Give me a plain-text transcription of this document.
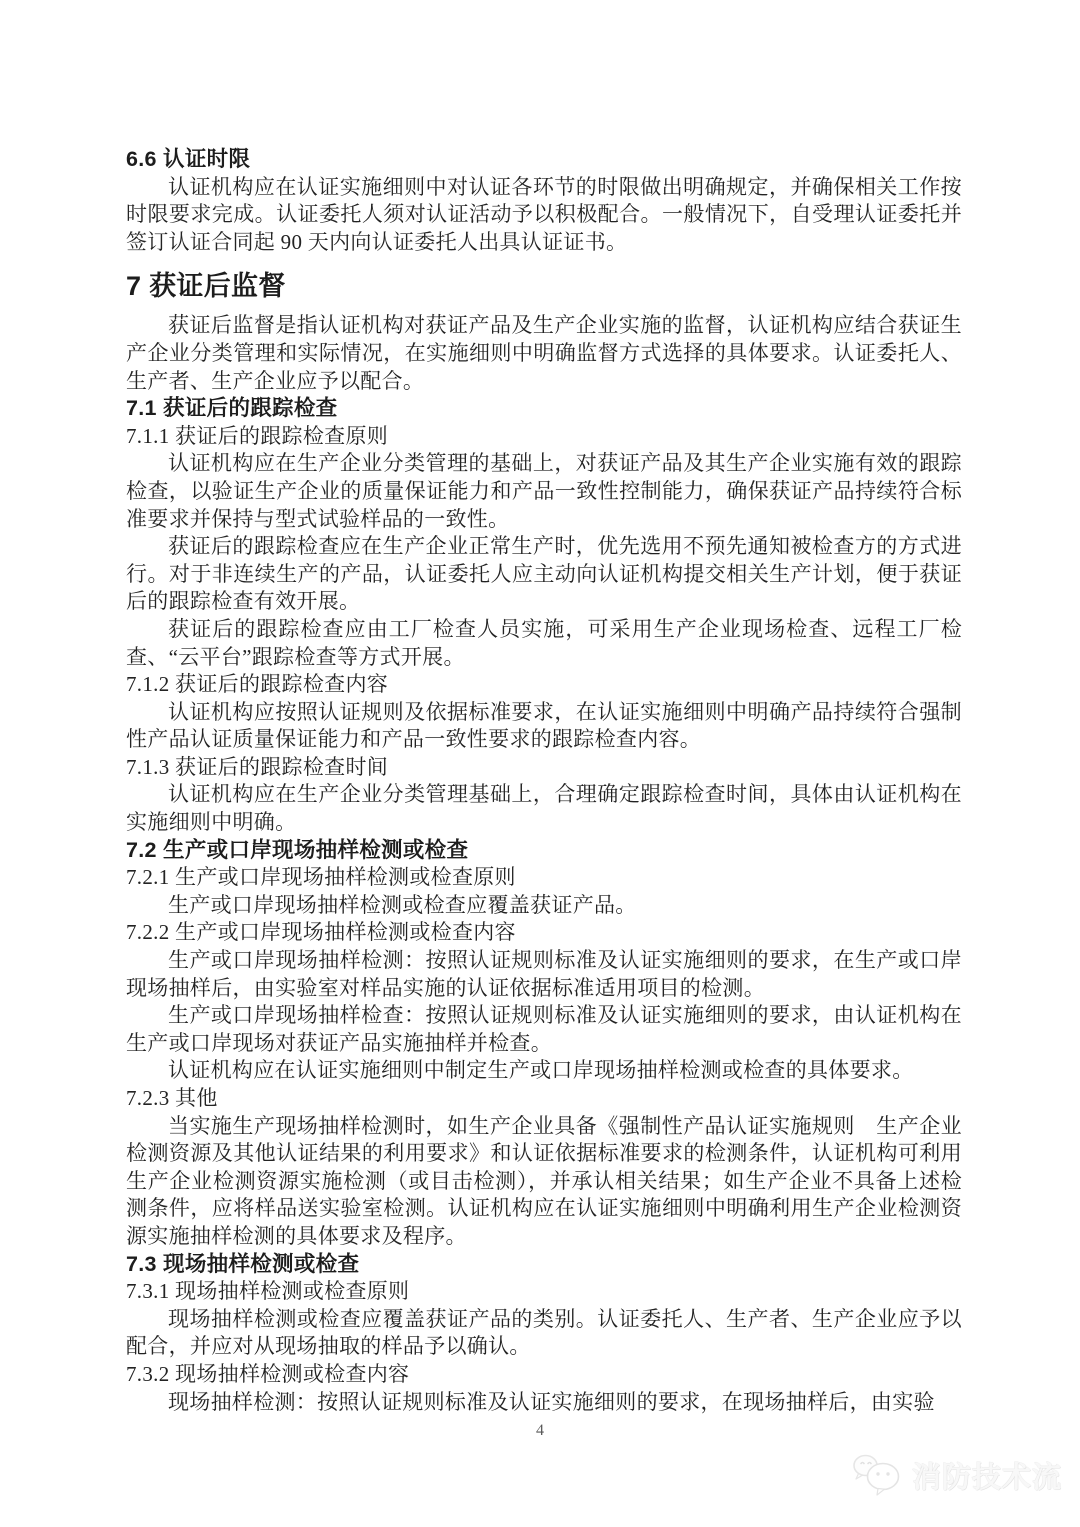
6.6 认证时限

认证机构应在认证实施细则中对认证各环节的时限做出明确规定，并确保相关工作按时限要求完成。认证委托人须对认证活动予以积极配合。一般情况下，自受理认证委托并签订认证合同起 90 天内向认证委托人出具认证证书。

7 获证后监督

获证后监督是指认证机构对获证产品及生产企业实施的监督，认证机构应结合获证生产企业分类管理和实际情况，在实施细则中明确监督方式选择的具体要求。认证委托人、生产者、生产企业应予以配合。

7.1 获证后的跟踪检查
7.1.1 获证后的跟踪检查原则

认证机构应在生产企业分类管理的基础上，对获证产品及其生产企业实施有效的跟踪检查，以验证生产企业的质量保证能力和产品一致性控制能力，确保获证产品持续符合标准要求并保持与型式试验样品的一致性。

获证后的跟踪检查应在生产企业正常生产时，优先选用不预先通知被检查方的方式进行。对于非连续生产的产品，认证委托人应主动向认证机构提交相关生产计划，便于获证后的跟踪检查有效开展。

获证后的跟踪检查应由工厂检查人员实施，可采用生产企业现场检查、远程工厂检查、“云平台”跟踪检查等方式开展。

7.1.2 获证后的跟踪检查内容

认证机构应按照认证规则及依据标准要求，在认证实施细则中明确产品持续符合强制性产品认证质量保证能力和产品一致性要求的跟踪检查内容。

7.1.3 获证后的跟踪检查时间

认证机构应在生产企业分类管理基础上，合理确定跟踪检查时间，具体由认证机构在实施细则中明确。

7.2 生产或口岸现场抽样检测或检查
7.2.1 生产或口岸现场抽样检测或检查原则

生产或口岸现场抽样检测或检查应覆盖获证产品。

7.2.2 生产或口岸现场抽样检测或检查内容

生产或口岸现场抽样检测：按照认证规则标准及认证实施细则的要求，在生产或口岸现场抽样后，由实验室对样品实施的认证依据标准适用项目的检测。

生产或口岸现场抽样检查：按照认证规则标准及认证实施细则的要求，由认证机构在生产或口岸现场对获证产品实施抽样并检查。

认证机构应在认证实施细则中制定生产或口岸现场抽样检测或检查的具体要求。

7.2.3 其他

当实施生产现场抽样检测时，如生产企业具备《强制性产品认证实施规则　生产企业检测资源及其他认证结果的利用要求》和认证依据标准要求的检测条件，认证机构可利用生产企业检测资源实施检测（或目击检测），并承认相关结果；如生产企业不具备上述检测条件，应将样品送实验室检测。认证机构应在认证实施细则中明确利用生产企业检测资源实施抽样检测的具体要求及程序。

7.3 现场抽样检测或检查
7.3.1 现场抽样检测或检查原则

现场抽样检测或检查应覆盖获证产品的类别。认证委托人、生产者、生产企业应予以配合，并应对从现场抽取的样品予以确认。

7.3.2 现场抽样检测或检查内容

现场抽样检测：按照认证规则标准及认证实施细则的要求，在现场抽样后，由实验

4
消防技术流
